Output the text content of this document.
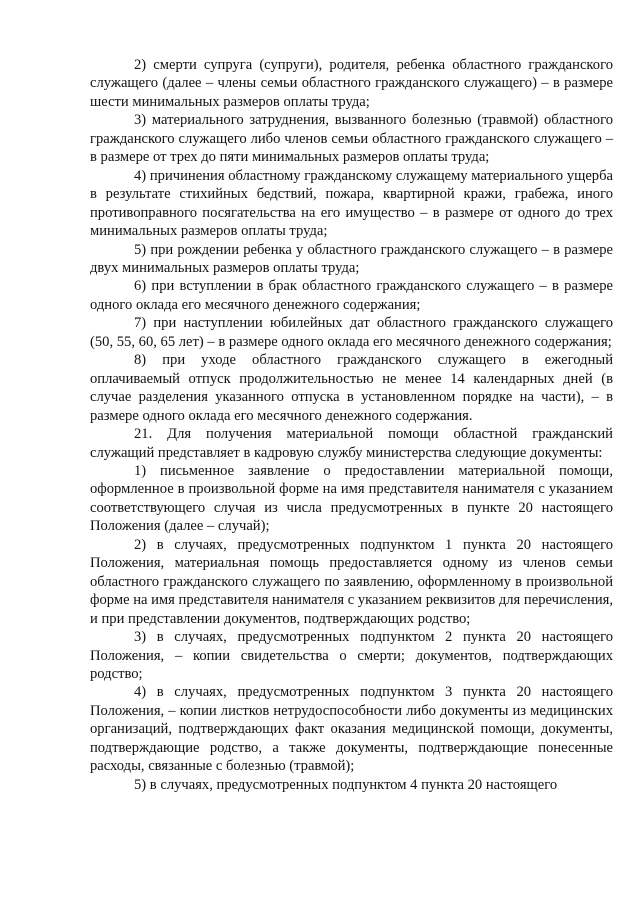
2) смерти супруга (супруги), родителя, ребенка областного гражданского служащего (далее – члены семьи областного гражданского служащего) – в размере шести минимальных размеров оплаты труда;

3) материального затруднения, вызванного болезнью (травмой) областного гражданского служащего либо членов семьи областного гражданского служащего – в размере от трех до пяти минимальных размеров оплаты труда;

4) причинения областному гражданскому служащему материального ущерба в результате стихийных бедствий, пожара, квартирной кражи, грабежа, иного противоправного посягательства на его имущество – в размере от одного до трех минимальных размеров оплаты труда;

5) при рождении ребенка у областного гражданского служащего – в размере двух минимальных размеров оплаты труда;

6) при вступлении в брак областного гражданского служащего – в размере одного оклада его месячного денежного содержания;

7) при наступлении юбилейных дат областного гражданского служащего (50, 55, 60, 65 лет) – в размере одного оклада его месячного денежного содержания;

8) при уходе областного гражданского служащего в ежегодный оплачиваемый отпуск продолжительностью не менее 14 календарных дней (в случае разделения указанного отпуска в установленном порядке на части), – в размере одного оклада его месячного денежного содержания.

21. Для получения материальной помощи областной гражданский служащий представляет в кадровую службу министерства следующие документы:

1) письменное заявление о предоставлении материальной помощи, оформленное в произвольной форме на имя представителя нанимателя с указанием соответствующего случая из числа предусмотренных в пункте 20 настоящего Положения (далее – случай);

2) в случаях, предусмотренных подпунктом 1 пункта 20 настоящего Положения, материальная помощь предоставляется одному из членов семьи областного гражданского служащего по заявлению, оформленному в произвольной форме на имя представителя нанимателя с указанием реквизитов для перечисления, и при представлении документов, подтверждающих родство;

3) в случаях, предусмотренных подпунктом 2 пункта 20 настоящего Положения, – копии свидетельства о смерти; документов, подтверждающих родство;

4) в случаях, предусмотренных подпунктом 3 пункта 20 настоящего Положения, – копии листков нетрудоспособности либо документы из медицинских организаций, подтверждающих факт оказания медицинской помощи, документы, подтверждающие родство, а также документы, подтверждающие понесенные расходы, связанные с болезнью (травмой);

5) в случаях, предусмотренных подпунктом 4 пункта 20 настоящего
